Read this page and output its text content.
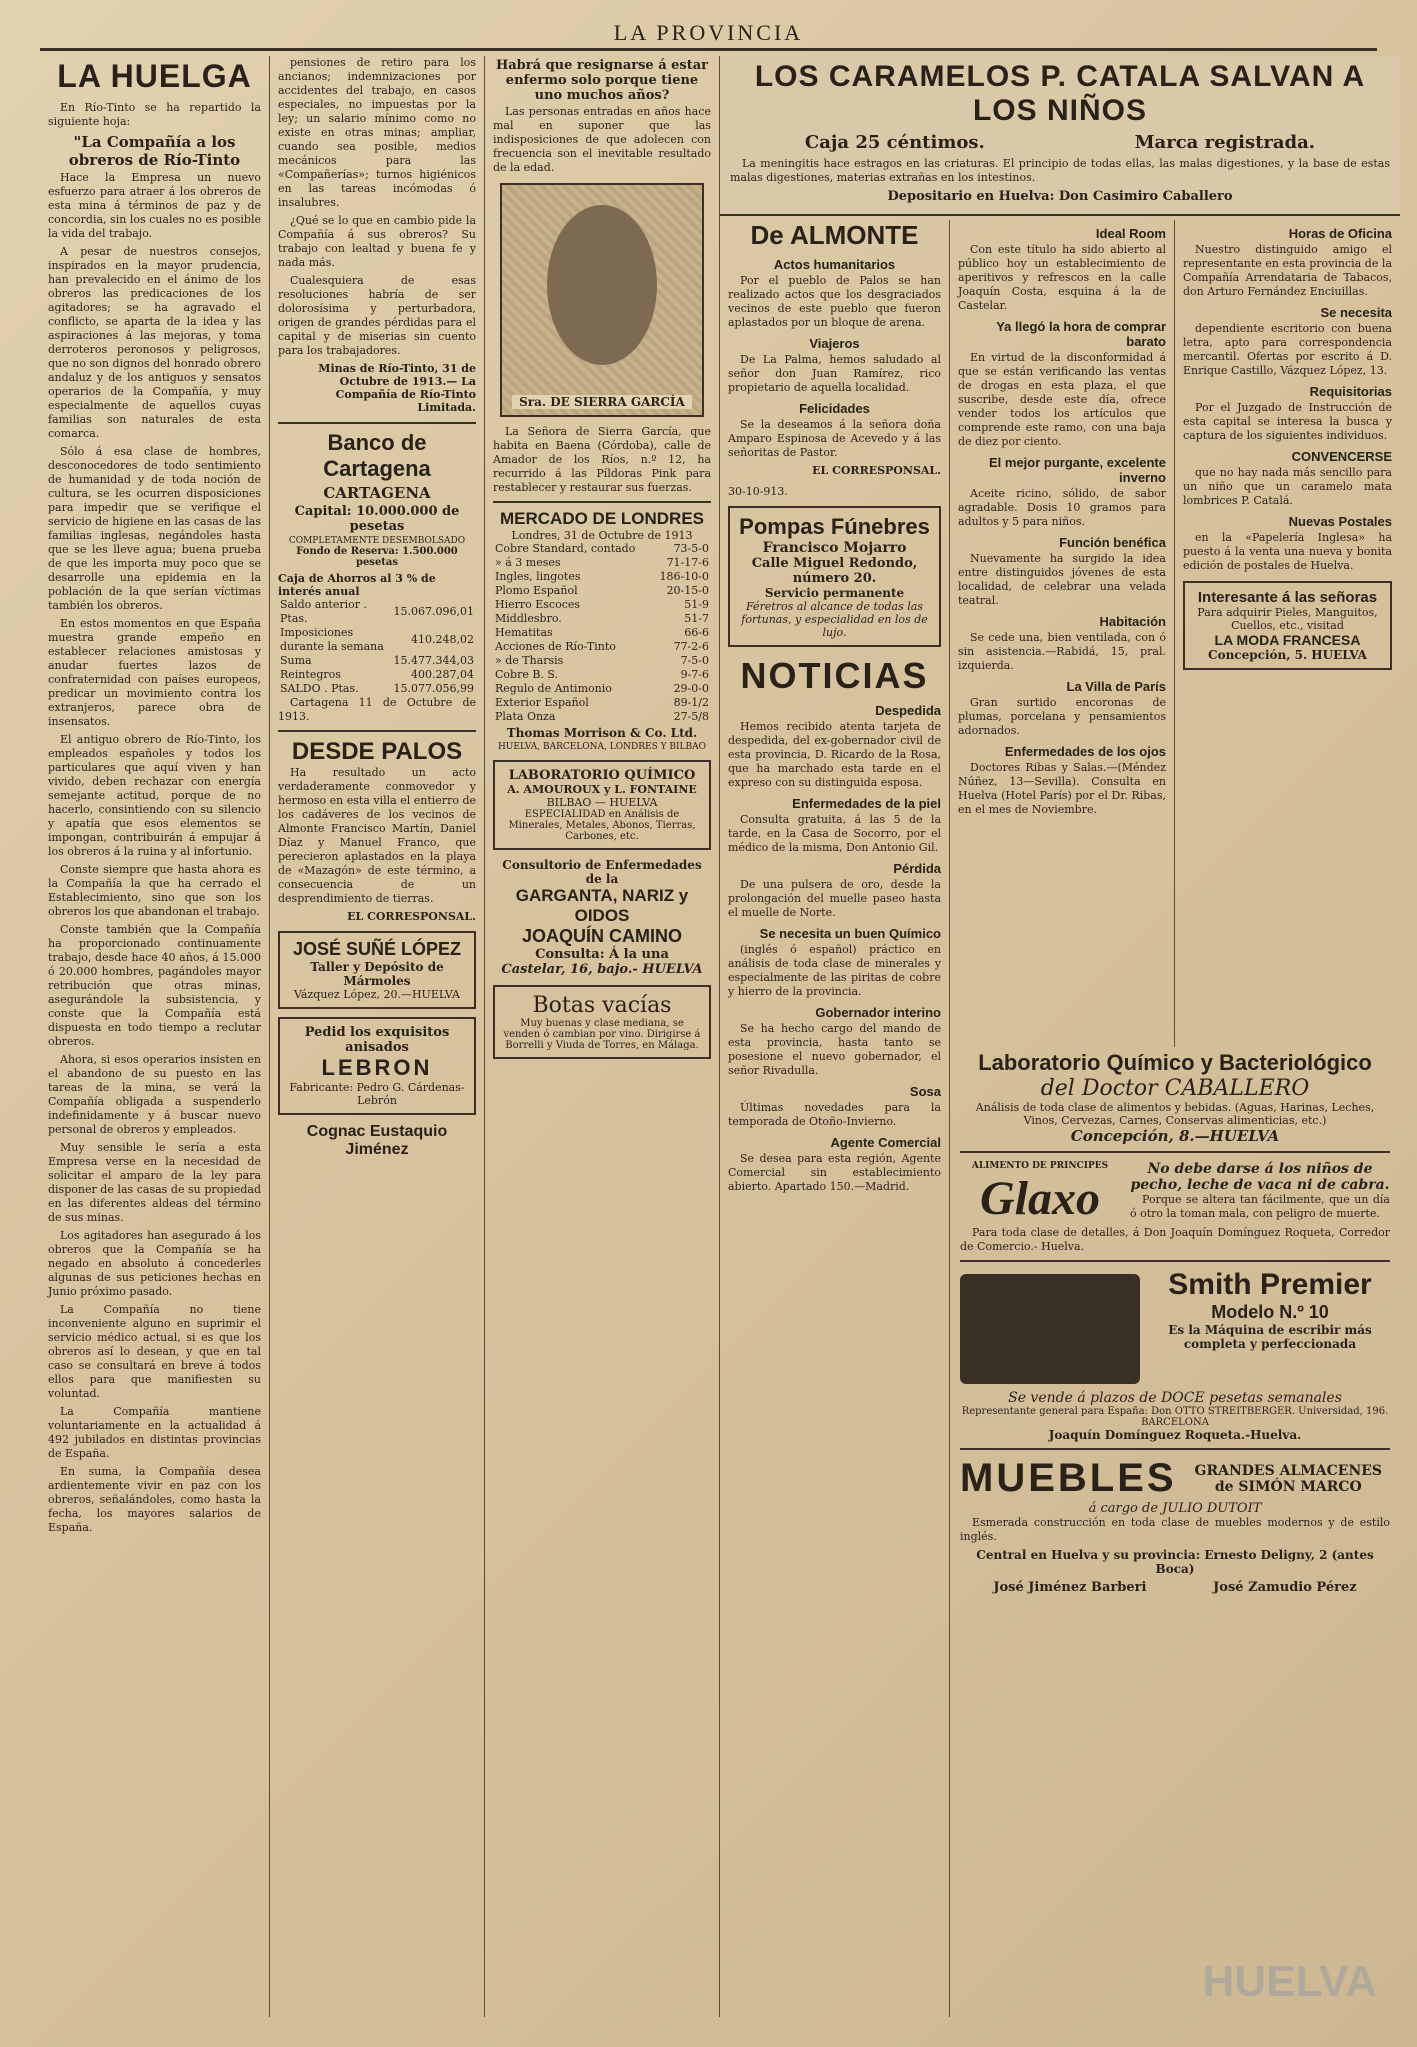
LA PROVINCIA
LA HUELGA
En Río-Tinto se ha repartido la siguiente hoja:
"La Compañía a los obreros de Río-Tinto
Hace la Empresa un nuevo esfuerzo para atraer á los obreros de esta mina á términos de paz y de concordia, sin los cuales no es posible la vida del trabajo.
A pesar de nuestros consejos, inspirados en la mayor prudencia, han prevalecido en el ánimo de los obreros las predicaciones de los agitadores; se ha agravado el conflicto, se aparta de la idea y las aspiraciones á las mejoras, y toma derroteros peronosos y peligrosos, que no son dignos del honrado obrero andaluz y de los antiguos y sensatos operarios de la Compañía, y muy especialmente de aquellos cuyas familias son naturales de esta comarca.
Sólo á esa clase de hombres, desconocedores de todo sentimiento de humanidad y de toda noción de cultura, se les ocurren disposiciones para impedir que se verifique el servicio de higiene en las casas de las familias inglesas, negándoles hasta que se les lleve agua; buena prueba de que les importa muy poco que se desarrolle una epidemia en la población de la que serían víctimas también los obreros.
En estos momentos en que España muestra grande empeño en establecer relaciones amistosas y anudar fuertes lazos de confraternidad con países europeos, predicar un movimiento contra los extranjeros, parece obra de insensatos.
El antiguo obrero de Río-Tinto, los empleados españoles y todos los particulares que aquí viven y han vivido, deben rechazar con energía semejante actitud, porque de no hacerlo, consintiendo con su silencio y apatía que esos elementos se impongan, contribuirán á empujar á los obreros á la ruina y al infortunio.
Conste siempre que hasta ahora es la Compañía la que ha cerrado el Establecimiento, sino que son los obreros los que abandonan el trabajo.
Conste también que la Compañía ha proporcionado continuamente trabajo, desde hace 40 años, á 15.000 ó 20.000 hombres, pagándoles mayor retribución que otras minas, asegurándole la subsistencia, y conste que la Compañía está dispuesta en todo tiempo a reclutar obreros.
Ahora, si esos operarios insisten en el abandono de su puesto en las tareas de la mina, se verá la Compañía obligada a suspenderlo indefinidamente y á buscar nuevo personal de obreros y empleados.
Muy sensible le sería a esta Empresa verse en la necesidad de solicitar el amparo de la ley para disponer de las casas de su propiedad en las diferentes aldeas del término de sus minas.
Los agitadores han asegurado á los obreros que la Compañía se ha negado en absoluto á concederles algunas de sus peticiones hechas en Junio próximo pasado.
La Compañía no tiene inconveniente alguno en suprimir el servicio médico actual, si es que los obreros así lo desean, y que en tal caso se consultará en breve á todos ellos para que manifiesten su voluntad.
La Compañía mantiene voluntariamente en la actualidad á 492 jubilados en distintas provincias de España.
En suma, la Compañía desea ardientemente vivir en paz con los obreros, señalándoles, como hasta la fecha, los mayores salarios de España.
pensiones de retiro para los ancianos; indemnizaciones por accidentes del trabajo, en casos especiales, no impuestas por la ley; un salario mínimo como no existe en otras minas; ampliar, cuando sea posible, medios mecánicos para las «Compañerías»; turnos higiénicos en las tareas incómodas ó insalubres.
¿Qué se lo que en cambio pide la Compañía á sus obreros? Su trabajo con lealtad y buena fe y nada más.
Cualesquiera de esas resoluciones habría de ser dolorosísima y perturbadora, origen de grandes pérdidas para el capital y de miserias sin cuento para los trabajadores.
Minas de Río-Tinto, 31 de Octubre de 1913.— La Compañía de Río-Tinto Limitada.
Banco de Cartagena
CARTAGENA
Capital: 10.000.000 de pesetas
COMPLETAMENTE DESEMBOLSADO
Fondo de Reserva: 1.500.000 pesetas
Caja de Ahorros al 3 % de interés anual
Saldo anterior . Ptas.	15.067.096,01
Imposiciones durante la semana	410.248,02
Suma	15.477.344,03
Reintegros	400.287,04
SALDO . Ptas.	15.077.056,99
Cartagena 11 de Octubre de 1913.
DESDE PALOS
Ha resultado un acto verdaderamente conmovedor y hermoso en esta villa el entierro de los cadáveres de los vecinos de Almonte Francisco Martín, Daniel Díaz y Manuel Franco, que perecieron aplastados en la playa de «Mazagón» de este término, a consecuencia de un desprendimiento de tierras.
EL CORRESPONSAL.
JOSÉ SUÑÉ LÓPEZ
Taller y Depósito de Mármoles
Vázquez López, 20.—HUELVA
Pedid los exquisitos anisados
LEBRON
Fabricante: Pedro G. Cárdenas-Lebrón
Cognac Eustaquio Jiménez
Habrá que resignarse á estar enfermo solo porque tiene uno muchos años?
Las personas entradas en años hace mal en suponer que las indisposiciones de que adolecen con frecuencia son el inevitable resultado de la edad.
Sra. DE SIERRA GARCÍA
La Señora de Sierra García, que habita en Baena (Córdoba), calle de Amador de los Ríos, n.º 12, ha recurrido á las Píldoras Pink para restablecer y restaurar sus fuerzas.
MERCADO DE LONDRES
Londres, 31 de Octubre de 1913
Cobre Standard, contado	73-5-0
» á 3 meses	71-17-6
Ingles, lingotes	186-10-0
Plomo Español	20-15-0
Hierro Escoces	51-9
Middlesbro.	51-7
Hematitas	66-6
Acciones de Río-Tinto	77-2-6
» de Tharsis	7-5-0
Cobre B. S.	9-7-6
Regulo de Antimonio	29-0-0
Exterior Español	89-1/2
Plata Onza	27-5/8
Thomas Morrison & Co. Ltd.
HUELVA, BARCELONA, LONDRES Y BILBAO
LABORATORIO QUÍMICO
A. AMOUROUX y L. FONTAINE
BILBAO — HUELVA
ESPECIALIDAD en Análisis de Minerales, Metales, Abonos, Tierras, Carbones, etc.
Consultorio de Enfermedades de la
GARGANTA, NARIZ y OIDOS
JOAQUÍN CAMINO
Consulta: Á la una
Castelar, 16, bajo.- HUELVA
Botas vacías
Muy buenas y clase mediana, se venden ó cambian por vino. Dirigirse á Borrelli y Viuda de Torres, en Málaga.
LOS CARAMELOS P. CATALA SALVAN A LOS NIÑOS
Caja 25 céntimos.	Marca registrada.
La meningitis hace estragos en las criaturas. El principio de todas ellas, las malas digestiones, y la base de estas malas digestiones, materias extrañas en los intestinos.
Depositario en Huelva: Don Casimiro Caballero
De ALMONTE
Actos humanitarios
Por el pueblo de Palos se han realizado actos que los desgraciados vecinos de este pueblo que fueron aplastados por un bloque de arena.
Viajeros
De La Palma, hemos saludado al señor don Juan Ramírez, rico propietario de aquella localidad.
Felicidades
Se la deseamos á la señora doña Amparo Espinosa de Acevedo y á las señoritas de Pastor.
EL CORRESPONSAL.
30-10-913.
Pompas Fúnebres
Francisco Mojarro
Calle Miguel Redondo, número 20.
Servicio permanente
Féretros al alcance de todas las fortunas, y especialidad en los de lujo.
NOTICIAS
Despedida
Hemos recibido atenta tarjeta de despedida, del ex-gobernador civil de esta provincia, D. Ricardo de la Rosa, que ha marchado esta tarde en el expreso con su distinguida esposa.
Enfermedades de la piel
Consulta gratuita, á las 5 de la tarde, en la Casa de Socorro, por el médico de la misma, Don Antonio Gil.
Pérdida
De una pulsera de oro, desde la prolongación del muelle paseo hasta el muelle de Norte.
Se necesita un buen Químico
(inglés ó español) práctico en análisis de toda clase de minerales y especialmente de las piritas de cobre y hierro de la provincia.
Gobernador interino
Se ha hecho cargo del mando de esta provincia, hasta tanto se posesione el nuevo gobernador, el señor Rivadulla.
Sosa
Últimas novedades para la temporada de Otoño-Invierno.
Agente Comercial
Se desea para esta región, Agente Comercial sin establecimiento abierto. Apartado 150.—Madrid.
Ideal Room
Con este título ha sido abierto al público hoy un establecimiento de aperitivos y refrescos en la calle Joaquín Costa, esquina á la de Castelar.
Ya llegó la hora de comprar barato
En virtud de la disconformidad á que se están verificando las ventas de drogas en esta plaza, el que suscribe, desde este día, ofrece vender todos los artículos que comprende este ramo, con una baja de diez por ciento.
El mejor purgante, excelente inverno
Aceite ricino, sólido, de sabor agradable. Dosis 10 gramos para adultos y 5 para niños.
Función benéfica
Nuevamente ha surgido la idea entre distinguidos jóvenes de esta localidad, de celebrar una velada teatral.
Habitación
Se cede una, bien ventilada, con ó sin asistencia.—Rabidá, 15, pral. izquierda.
La Villa de París
Gran surtido encoronas de plumas, porcelana y pensamientos adornados.
Enfermedades de los ojos
Doctores Ribas y Salas.—(Méndez Núñez, 13—Sevilla). Consulta en Huelva (Hotel París) por el Dr. Ribas, en el mes de Noviembre.
Horas de Oficina
Nuestro distinguido amigo el representante en esta provincia de la Compañía Arrendataria de Tabacos, don Arturo Fernández Enciuillas.
Se necesita
dependiente escritorio con buena letra, apto para correspondencia mercantil. Ofertas por escrito á D. Enrique Castillo, Vázquez López, 13.
Requisitorias
Por el Juzgado de Instrucción de esta capital se interesa la busca y captura de los siguientes individuos.
CONVENCERSE
que no hay nada más sencillo para un niño que un caramelo mata lombrices P. Catalá.
Nuevas Postales
en la «Papelería Inglesa» ha puesto á la venta una nueva y bonita edición de postales de Huelva.
Interesante á las señoras
Para adquirir Pieles, Manguitos, Cuellos, etc., visitad
LA MODA FRANCESA
Concepción, 5. HUELVA
Laboratorio Químico y Bacteriológico
del Doctor CABALLERO
Análisis de toda clase de alimentos y bebidas. (Aguas, Harinas, Leches, Vinos, Cervezas, Carnes, Conservas alimenticias, etc.)
Concepción, 8.—HUELVA
ALIMENTO DE PRINCIPES
Glaxo
No debe darse á los niños de pecho, leche de vaca ni de cabra.
Porque se altera tan fácilmente, que un día ó otro la toman mala, con peligro de muerte.
Para toda clase de detalles, á Don Joaquín Domínguez Roqueta, Corredor de Comercio.- Huelva.
Smith Premier
Modelo N.º 10
Es la Máquina de escribir más completa y perfeccionada
Se vende á plazos de DOCE pesetas semanales
Representante general para España: Don OTTO STREITBERGER. Universidad, 196. BARCELONA
Joaquín Domínguez Roqueta.-Huelva.
MUEBLES	GRANDES ALMACENES de SIMÓN MARCO
á cargo de JULIO DUTOIT
Esmerada construcción en toda clase de muebles modernos y de estilo inglés.
Central en Huelva y su provincia: Ernesto Deligny, 2 (antes Boca)
José Jiménez Barberi	José Zamudio Pérez
HUELVA
